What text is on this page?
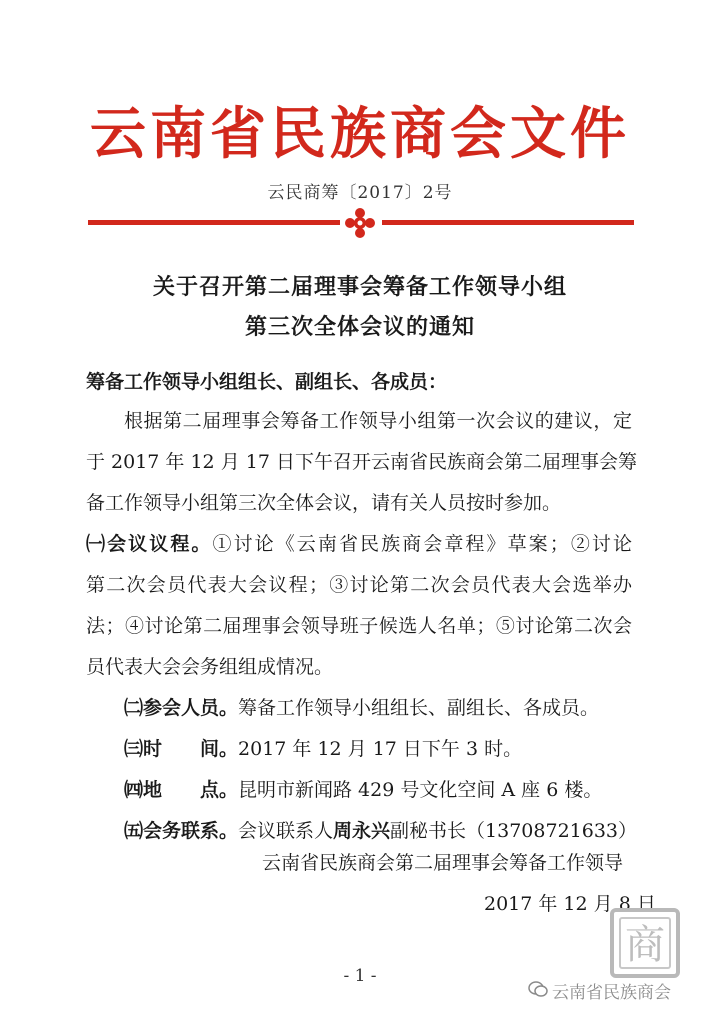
云南省民族商会文件
云民商筹〔2017〕2号
关于召开第二届理事会筹备工作领导小组
第三次全体会议的通知
筹备工作领导小组组长、副组长、各成员：
根据第二届理事会筹备工作领导小组第一次会议的建议，定
于 2017 年 12 月 17 日下午召开云南省民族商会第二届理事会筹
备工作领导小组第三次全体会议，请有关人员按时参加。
㈠会议议程。①讨论《云南省民族商会章程》草案；②讨论
第二次会员代表大会议程；③讨论第二次会员代表大会选举办
法；④讨论第二届理事会领导班子候选人名单；⑤讨论第二次会
员代表大会会务组组成情况。
㈡参会人员。筹备工作领导小组组长、副组长、各成员。
㈢时　　间。2017 年 12 月 17 日下午 3 时。
㈣地　　点。昆明市新闻路 429 号文化空间 A 座 6 楼。
㈤会务联系。会议联系人周永兴副秘书长（13708721633）
云南省民族商会第二届理事会筹备工作领导
2017 年 12 月 8 日
- 1 -
商
云南省民族商会
